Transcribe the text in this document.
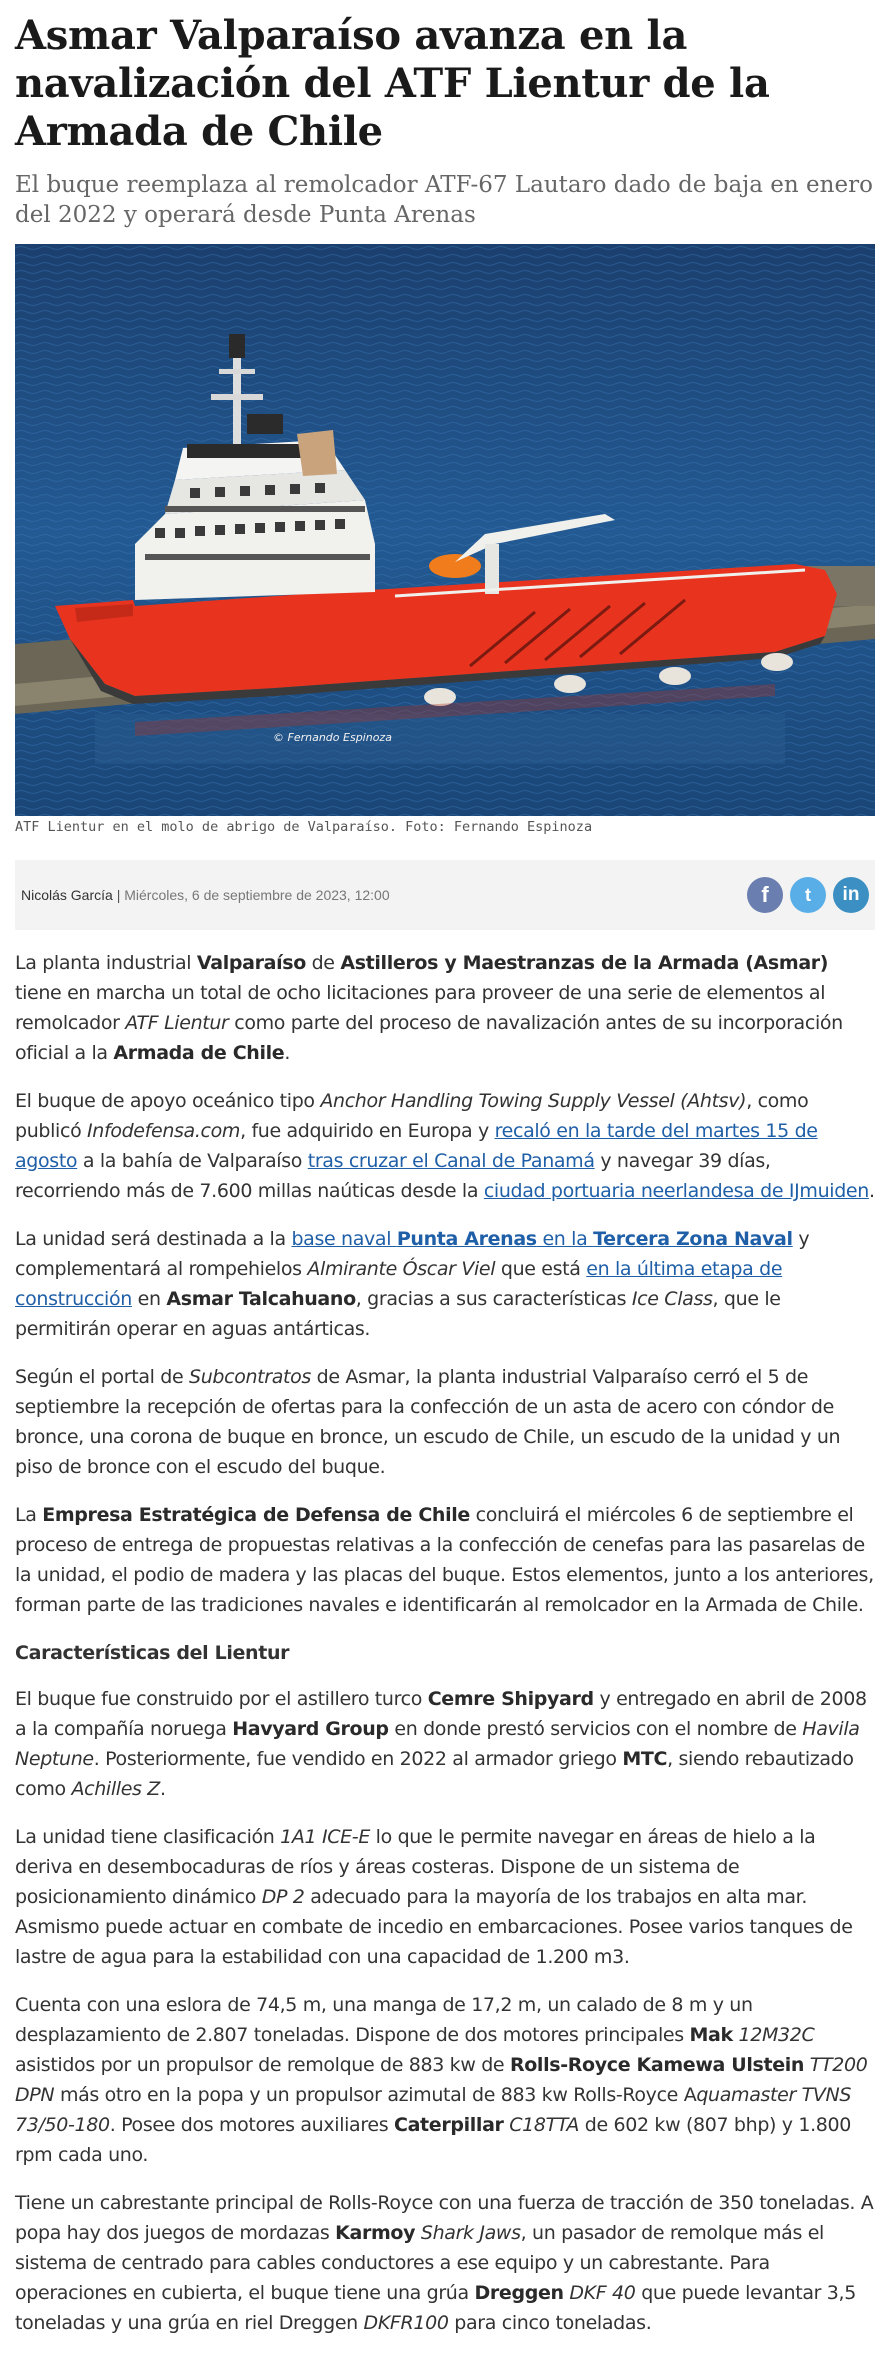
Asmar Valparaíso avanza en la navalización del ATF Lientur de la Armada de Chile
El buque reemplaza al remolcador ATF-67 Lautaro dado de baja en enero del 2022 y operará desde Punta Arenas
© Fernando Espinoza
ATF Lientur en el molo de abrigo de Valparaíso. Foto: Fernando Espinoza
Nicolás García | Miércoles, 6 de septiembre de 2023, 12:00	f	t	in

La planta industrial Valparaíso de Astilleros y Maestranzas de la Armada (Asmar) tiene en marcha un total de ocho licitaciones para proveer de una serie de elementos al remolcador ATF Lientur como parte del proceso de navalización antes de su incorporación oficial a la Armada de Chile.

El buque de apoyo oceánico tipo Anchor Handling Towing Supply Vessel (Ahtsv), como publicó Infodefensa.com, fue adquirido en Europa y recaló en la tarde del martes 15 de agosto a la bahía de Valparaíso tras cruzar el Canal de Panamá y navegar 39 días, recorriendo más de 7.600 millas naúticas desde la ciudad portuaria neerlandesa de IJmuiden.

La unidad será destinada a la base naval Punta Arenas en la Tercera Zona Naval y complementará al rompehielos Almirante Óscar Viel que está en la última etapa de construcción en Asmar Talcahuano, gracias a sus características Ice Class, que le permitirán operar en aguas antárticas.

Según el portal de Subcontratos de Asmar, la planta industrial Valparaíso cerró el 5 de septiembre la recepción de ofertas para la confección de un asta de acero con cóndor de bronce, una corona de buque en bronce, un escudo de Chile, un escudo de la unidad y un piso de bronce con el escudo del buque.

La Empresa Estratégica de Defensa de Chile concluirá el miércoles 6 de septiembre el proceso de entrega de propuestas relativas a la confección de cenefas para las pasarelas de la unidad, el podio de madera y las placas del buque. Estos elementos, junto a los anteriores, forman parte de las tradiciones navales e identificarán al remolcador en la Armada de Chile.

Características del Lientur

El buque fue construido por el astillero turco Cemre Shipyard y entregado en abril de 2008 a la compañía noruega Havyard Group en donde prestó servicios con el nombre de Havila Neptune. Posteriormente, fue vendido en 2022 al armador griego MTC, siendo rebautizado como Achilles Z.

La unidad tiene clasificación 1A1 ICE-E lo que le permite navegar en áreas de hielo a la deriva en desembocaduras de ríos y áreas costeras. Dispone de un sistema de posicionamiento dinámico DP 2 adecuado para la mayoría de los trabajos en alta mar. Asmismo puede actuar en combate de incedio en embarcaciones. Posee varios tanques de lastre de agua para la estabilidad con una capacidad de 1.200 m3.

Cuenta con una eslora de 74,5 m, una manga de 17,2 m, un calado de 8 m y un desplazamiento de 2.807 toneladas. Dispone de dos motores principales Mak 12M32C asistidos por un propulsor de remolque de 883 kw de Rolls-Royce Kamewa Ulstein TT200 DPN más otro en la popa y un propulsor azimutal de 883 kw Rolls-Royce Aquamaster TVNS 73/50-180. Posee dos motores auxiliares Caterpillar C18TTA de 602 kw (807 bhp) y 1.800 rpm cada uno.

Tiene un cabrestante principal de Rolls-Royce con una fuerza de tracción de 350 toneladas. A popa hay dos juegos de mordazas Karmoy Shark Jaws, un pasador de remolque más el sistema de centrado para cables conductores a ese equipo y un cabrestante. Para operaciones en cubierta, el buque tiene una grúa Dreggen DKF 40 que puede levantar 3,5 toneladas y una grúa en riel Dreggen DKFR100 para cinco toneladas.
